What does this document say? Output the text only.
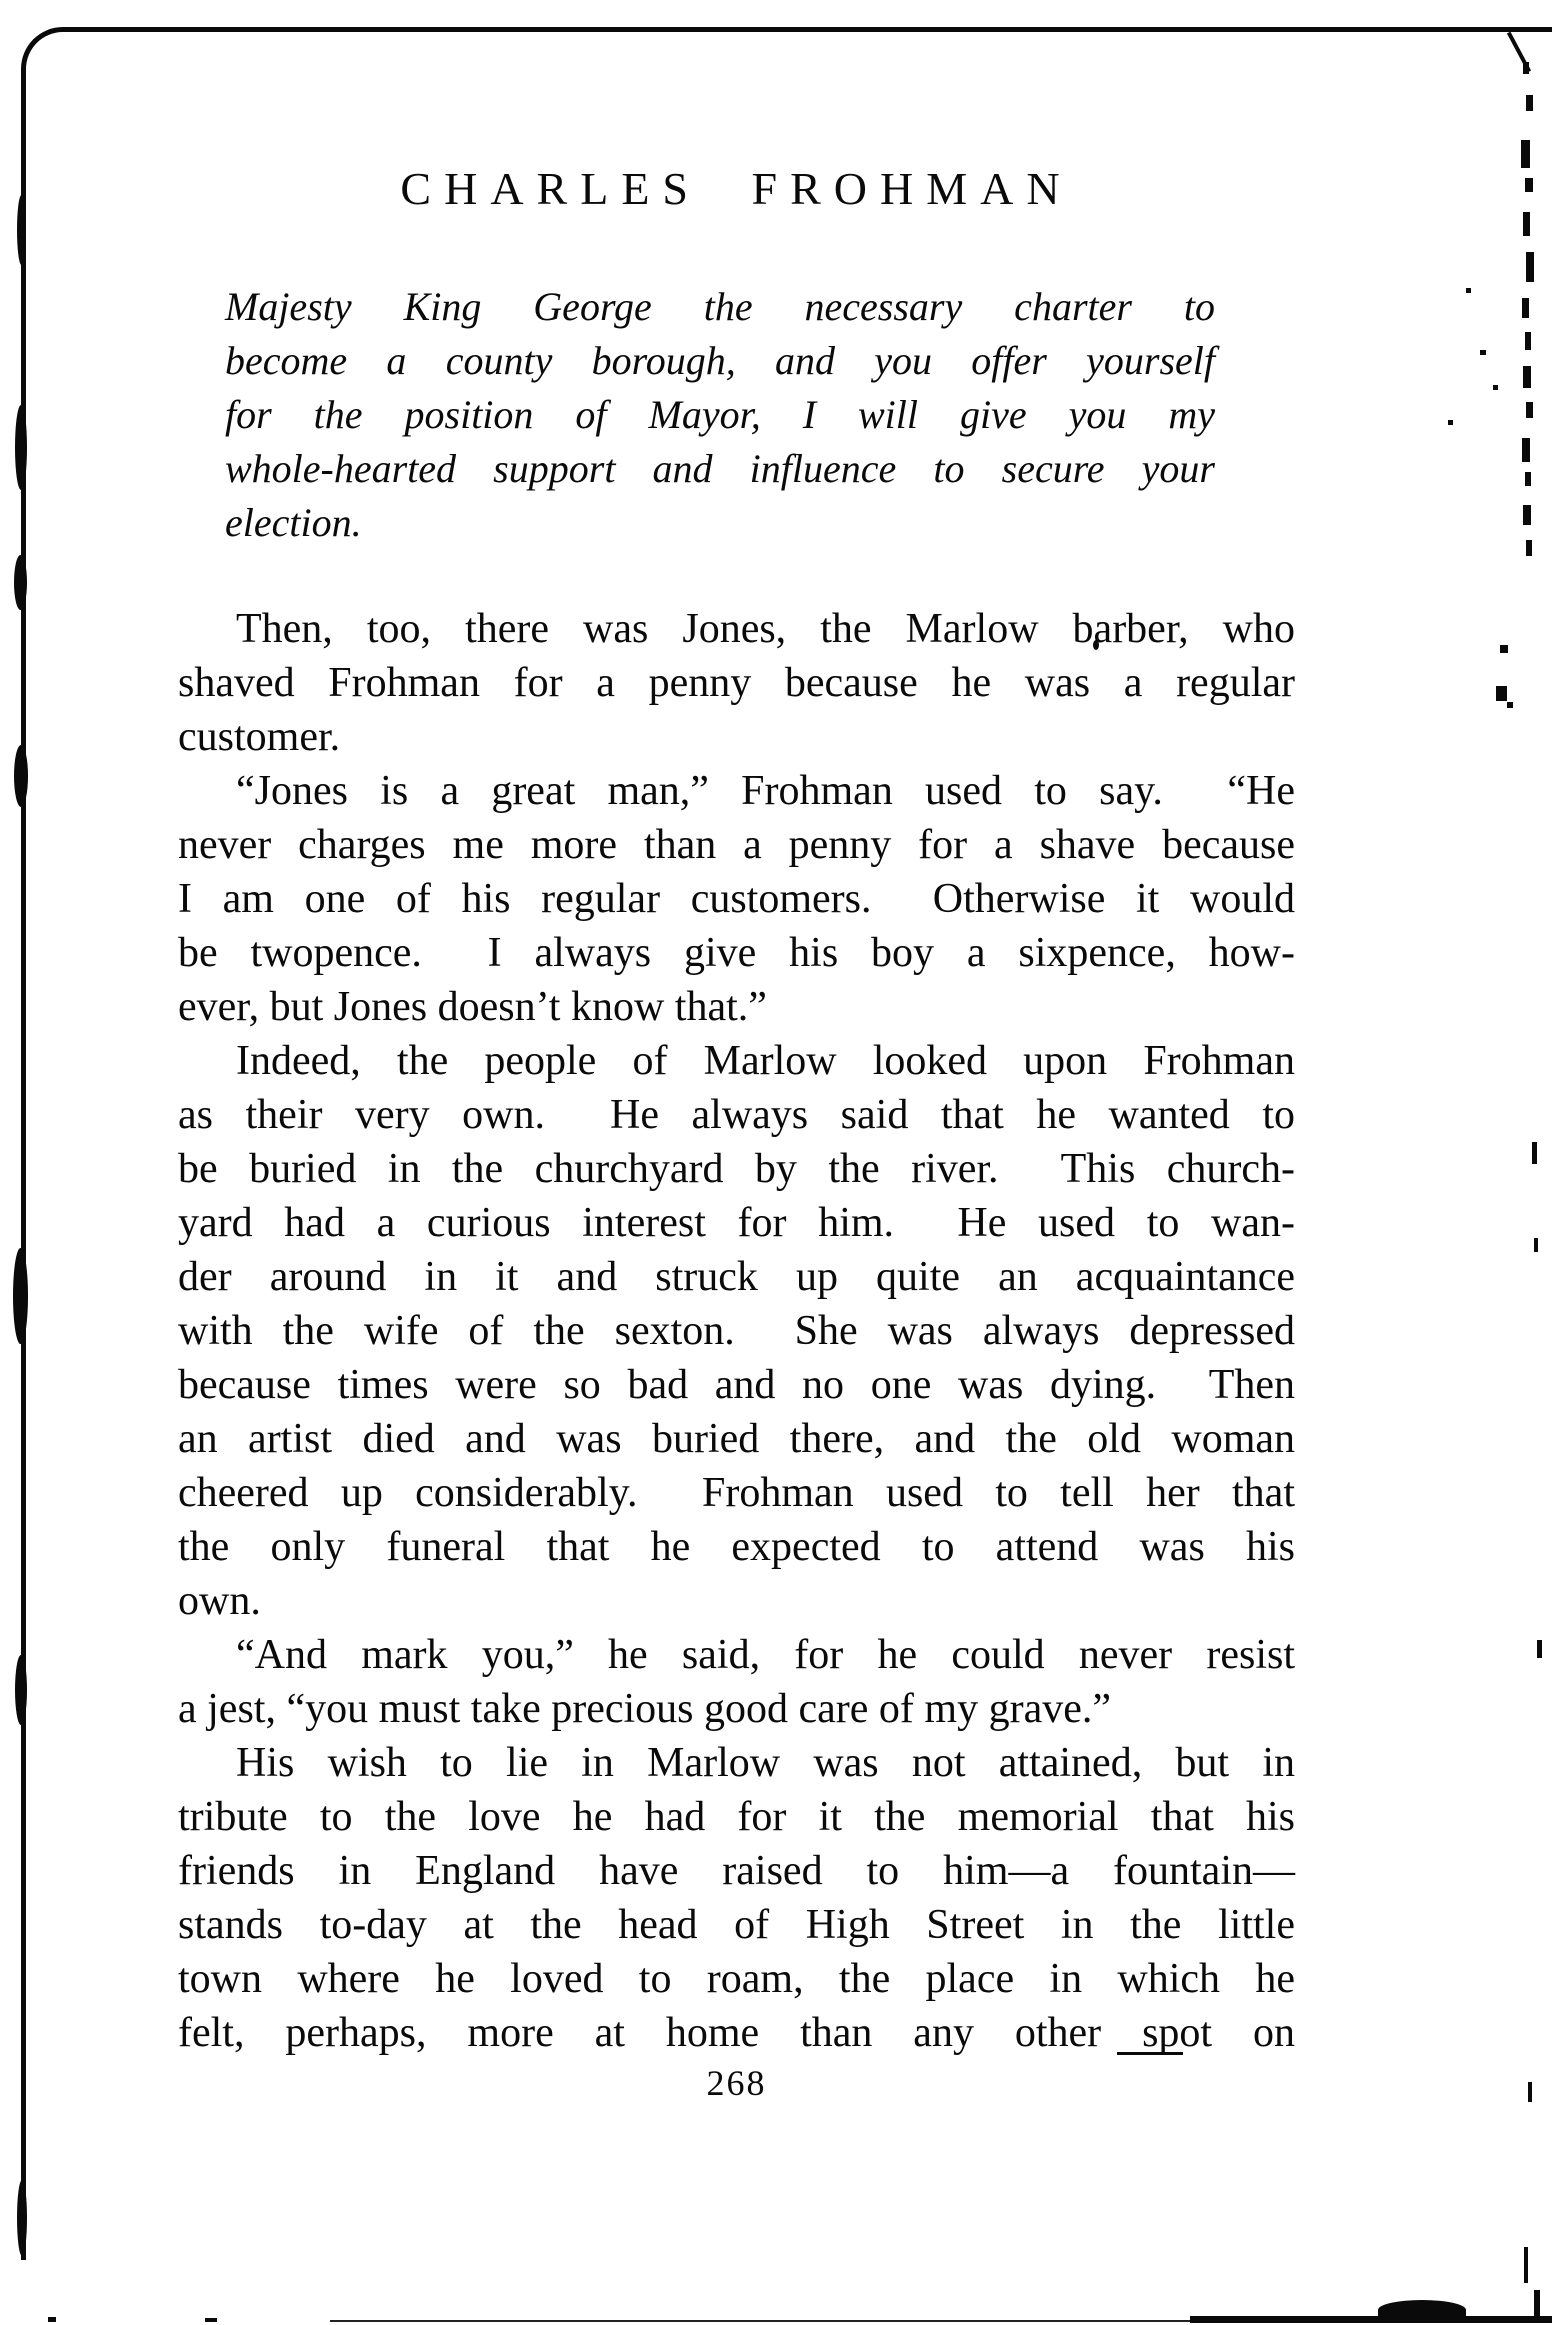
CHARLES FROHMAN
Majesty King George the necessary charter to
become a county borough, and you offer yourself
for the position of Mayor, I will give you my
whole-hearted support and influence to secure your
election.
Then, too, there was Jones, the Marlow barber, who
shaved Frohman for a penny because he was a regular
customer.
“Jones is a great man,” Frohman used to say.  “He
never charges me more than a penny for a shave because
I am one of his regular customers.  Otherwise it would
be twopence.  I always give his boy a sixpence, how-
ever, but Jones doesn’t know that.”
Indeed, the people of Marlow looked upon Frohman
as their very own.  He always said that he wanted to
be buried in the churchyard by the river.  This church-
yard had a curious interest for him.  He used to wan-
der around in it and struck up quite an acquaintance
with the wife of the sexton.  She was always depressed
because times were so bad and no one was dying.  Then
an artist died and was buried there, and the old woman
cheered up considerably.  Frohman used to tell her that
the only funeral that he expected to attend was his
own.
“And mark you,” he said, for he could never resist
a jest, “you must take precious good care of my grave.”
His wish to lie in Marlow was not attained, but in
tribute to the love he had for it the memorial that his
friends in England have raised to him—a fountain—
stands to-day at the head of High Street in the little
town where he loved to roam, the place in which he
felt, perhaps, more at home than any other spot on
268
